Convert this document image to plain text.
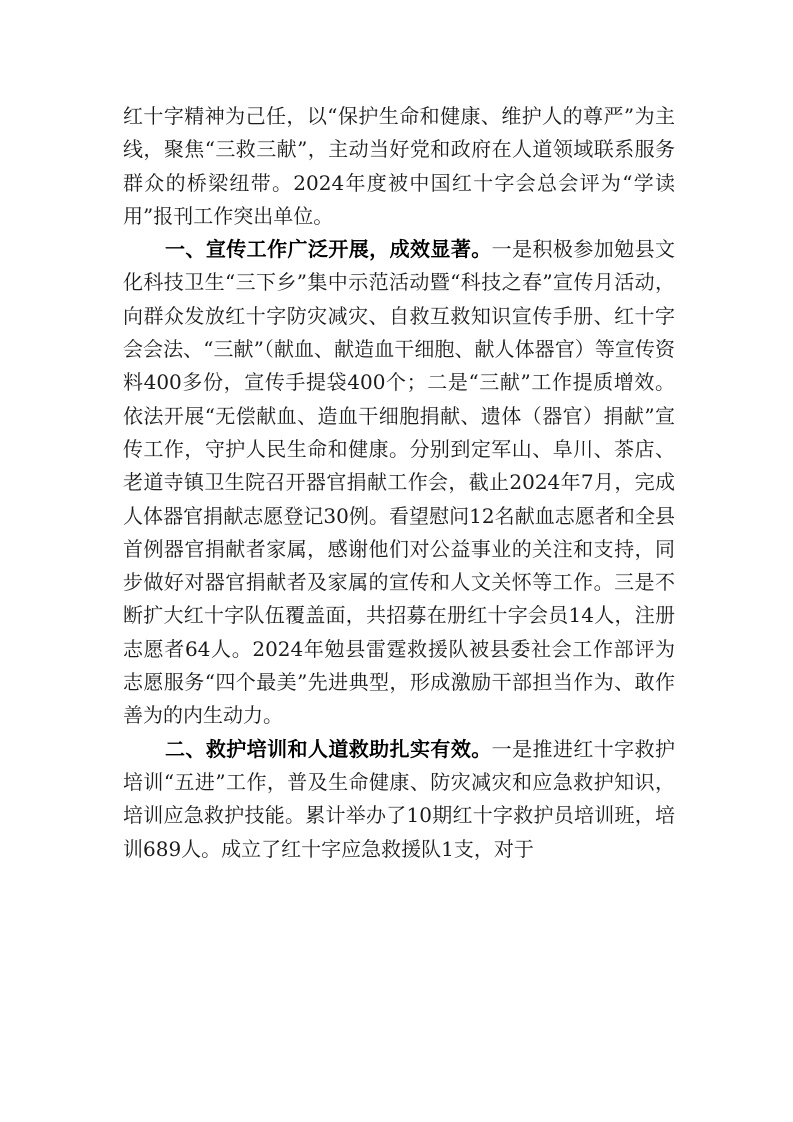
红十字精神为己任，以“保护生命和健康、维护人的尊严”为主线，聚焦“三救三献”，主动当好党和政府在人道领域联系服务群众的桥梁纽带。2024年度被中国红十字会总会评为“学读用”报刊工作突出单位。

一、宣传工作广泛开展，成效显著。一是积极参加勉县文化科技卫生“三下乡”集中示范活动暨“科技之春”宣传月活动，向群众发放红十字防灾减灾、自救互救知识宣传手册、红十字会会法、“三献”（献血、献造血干细胞、献人体器官）等宣传资料400多份，宣传手提袋400个；二是“三献”工作提质增效。依法开展“无偿献血、造血干细胞捐献、遗体（器官）捐献”宣传工作，守护人民生命和健康。分别到定军山、阜川、茶店、老道寺镇卫生院召开器官捐献工作会，截止2024年7月，完成人体器官捐献志愿登记30例。看望慰问12名献血志愿者和全县首例器官捐献者家属，感谢他们对公益事业的关注和支持，同步做好对器官捐献者及家属的宣传和人文关怀等工作。三是不断扩大红十字队伍覆盖面，共招募在册红十字会员14人，注册志愿者64人。2024年勉县雷霆救援队被县委社会工作部评为志愿服务“四个最美”先进典型，形成激励干部担当作为、敢作善为的内生动力。

二、救护培训和人道救助扎实有效。一是推进红十字救护培训“五进”工作，普及生命健康、防灾减灾和应急救护知识，培训应急救护技能。累计举办了10期红十字救护员培训班，培训689人。成立了红十字应急救援队1支，对于
